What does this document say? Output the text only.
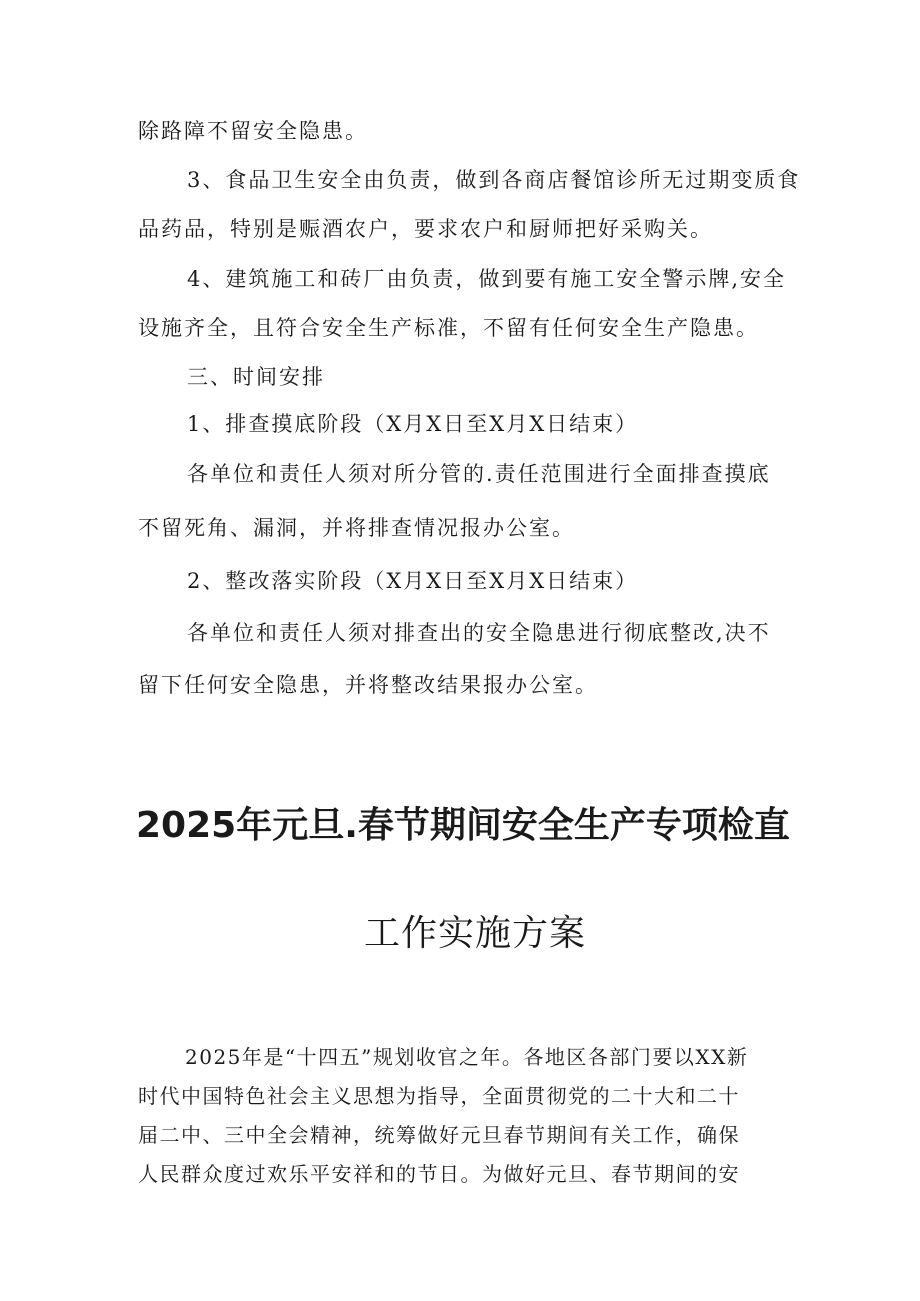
除路障不留安全隐患。
3、食品卫生安全由负责，做到各商店餐馆诊所无过期变质食
品药品，特别是赈酒农户，要求农户和厨师把好采购关。
4、建筑施工和砖厂由负责，做到要有施工安全警示牌,安全
设施齐全，且符合安全生产标准，不留有任何安全生产隐患。
三、时间安排
1、排查摸底阶段（X月X日至X月X日结束）
各单位和责任人须对所分管的.责任范围进行全面排查摸底
不留死角、漏洞，并将排查情况报办公室。
2、整改落实阶段（X月X日至X月X日结束）
各单位和责任人须对排查出的安全隐患进行彻底整改,决不
留下任何安全隐患，并将整改结果报办公室。
2025年元旦.春节期间安全生产专项检直
工作实施方案
2025年是“十四五”规划收官之年。各地区各部门要以XX新
时代中国特色社会主义思想为指导，全面贯彻党的二十大和二十
届二中、三中全会精神，统筹做好元旦春节期间有关工作，确保
人民群众度过欢乐平安祥和的节日。为做好元旦、春节期间的安
